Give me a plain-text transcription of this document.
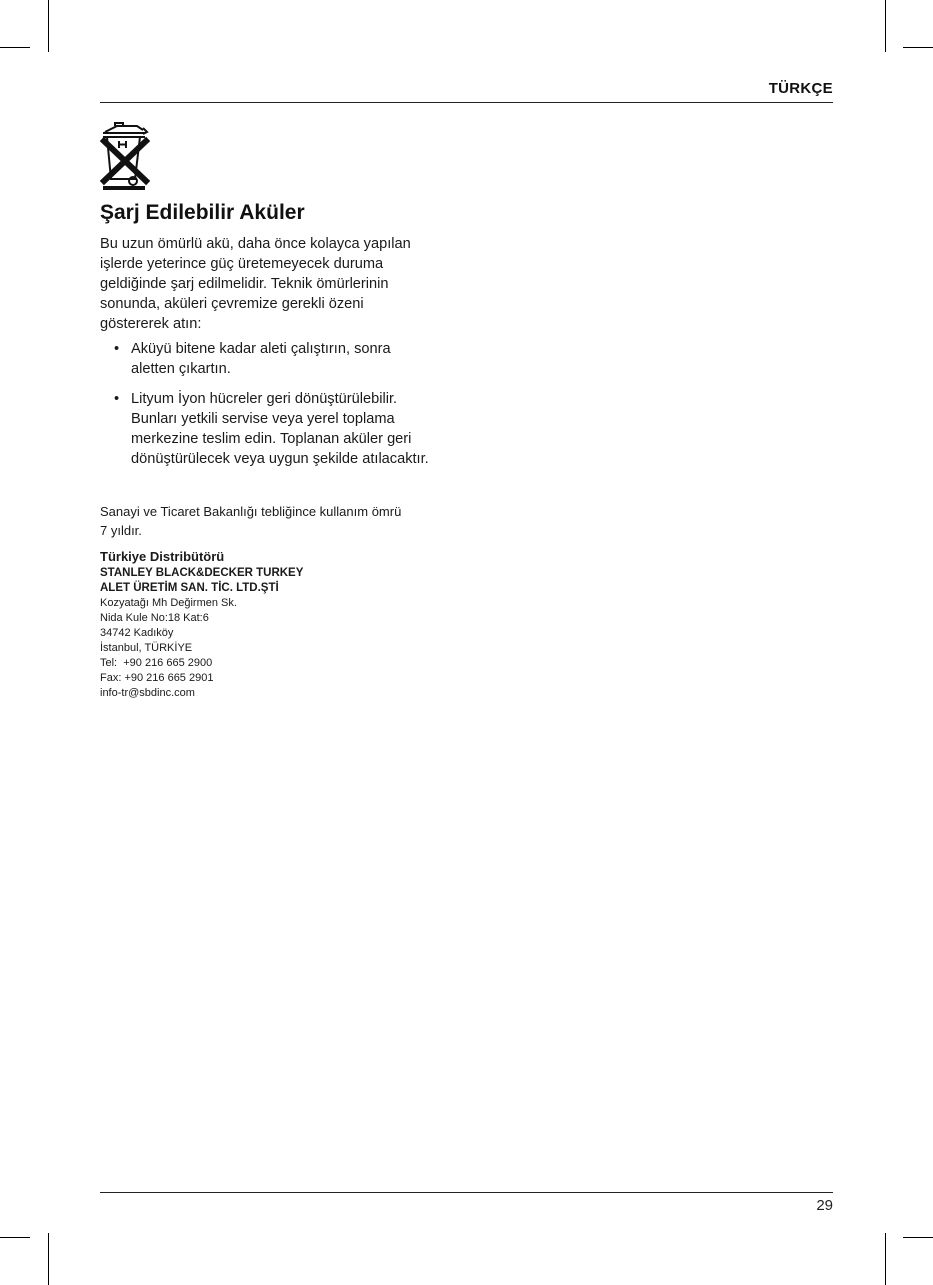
TÜRKÇE
Şarj Edilebilir Aküler
Bu uzun ömürlü akü, daha önce kolayca yapılan
işlerde yeterince güç üretemeyecek duruma
geldiğinde şarj edilmelidir. Teknik ömürlerinin
sonunda, aküleri çevremize gerekli özeni
göstererek atın:
• Aküyü bitene kadar aleti çalıştırın, sonra
aletten çıkartın.
• Lityum İyon hücreler geri dönüştürülebilir.
Bunları yetkili servise veya yerel toplama
merkezine teslim edin. Toplanan aküler geri
dönüştürülecek veya uygun şekilde atılacaktır.
Sanayi ve Ticaret Bakanlığı tebliğince kullanım ömrü
7 yıldır.
Türkiye Distribütörü
STANLEY BLACK&DECKER TURKEY
ALET ÜRETİM SAN. TİC. LTD.ŞTİ
Kozyatağı Mh Değirmen Sk.
Nida Kule No:18 Kat:6
34742 Kadıköy
İstanbul, TÜRKİYE
Tel:  +90 216 665 2900
Fax: +90 216 665 2901
info-tr@sbdinc.com
29
